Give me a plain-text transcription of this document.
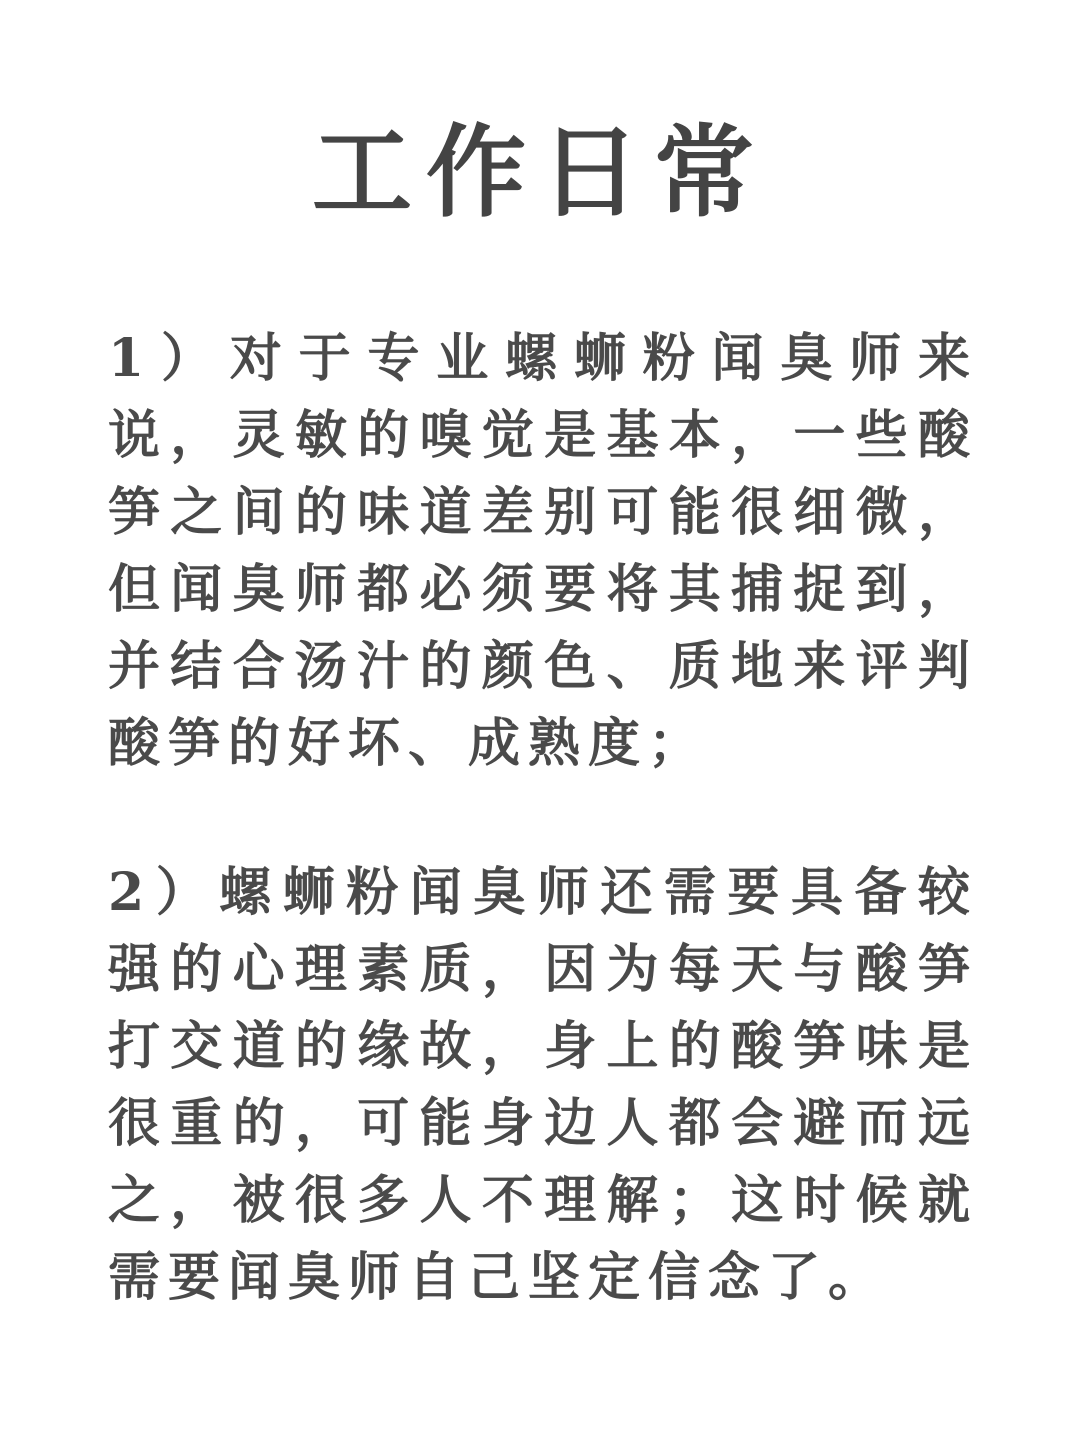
工作日常

1）对于专业螺蛳粉闻臭师来说，灵敏的嗅觉是基本，一些酸笋之间的味道差别可能很细微，但闻臭师都必须要将其捕捉到，并结合汤汁的颜色、质地来评判酸笋的好坏、成熟度；

2）螺蛳粉闻臭师还需要具备较强的心理素质，因为每天与酸笋打交道的缘故，身上的酸笋味是很重的，可能身边人都会避而远之，被很多人不理解；这时候就需要闻臭师自己坚定信念了。
